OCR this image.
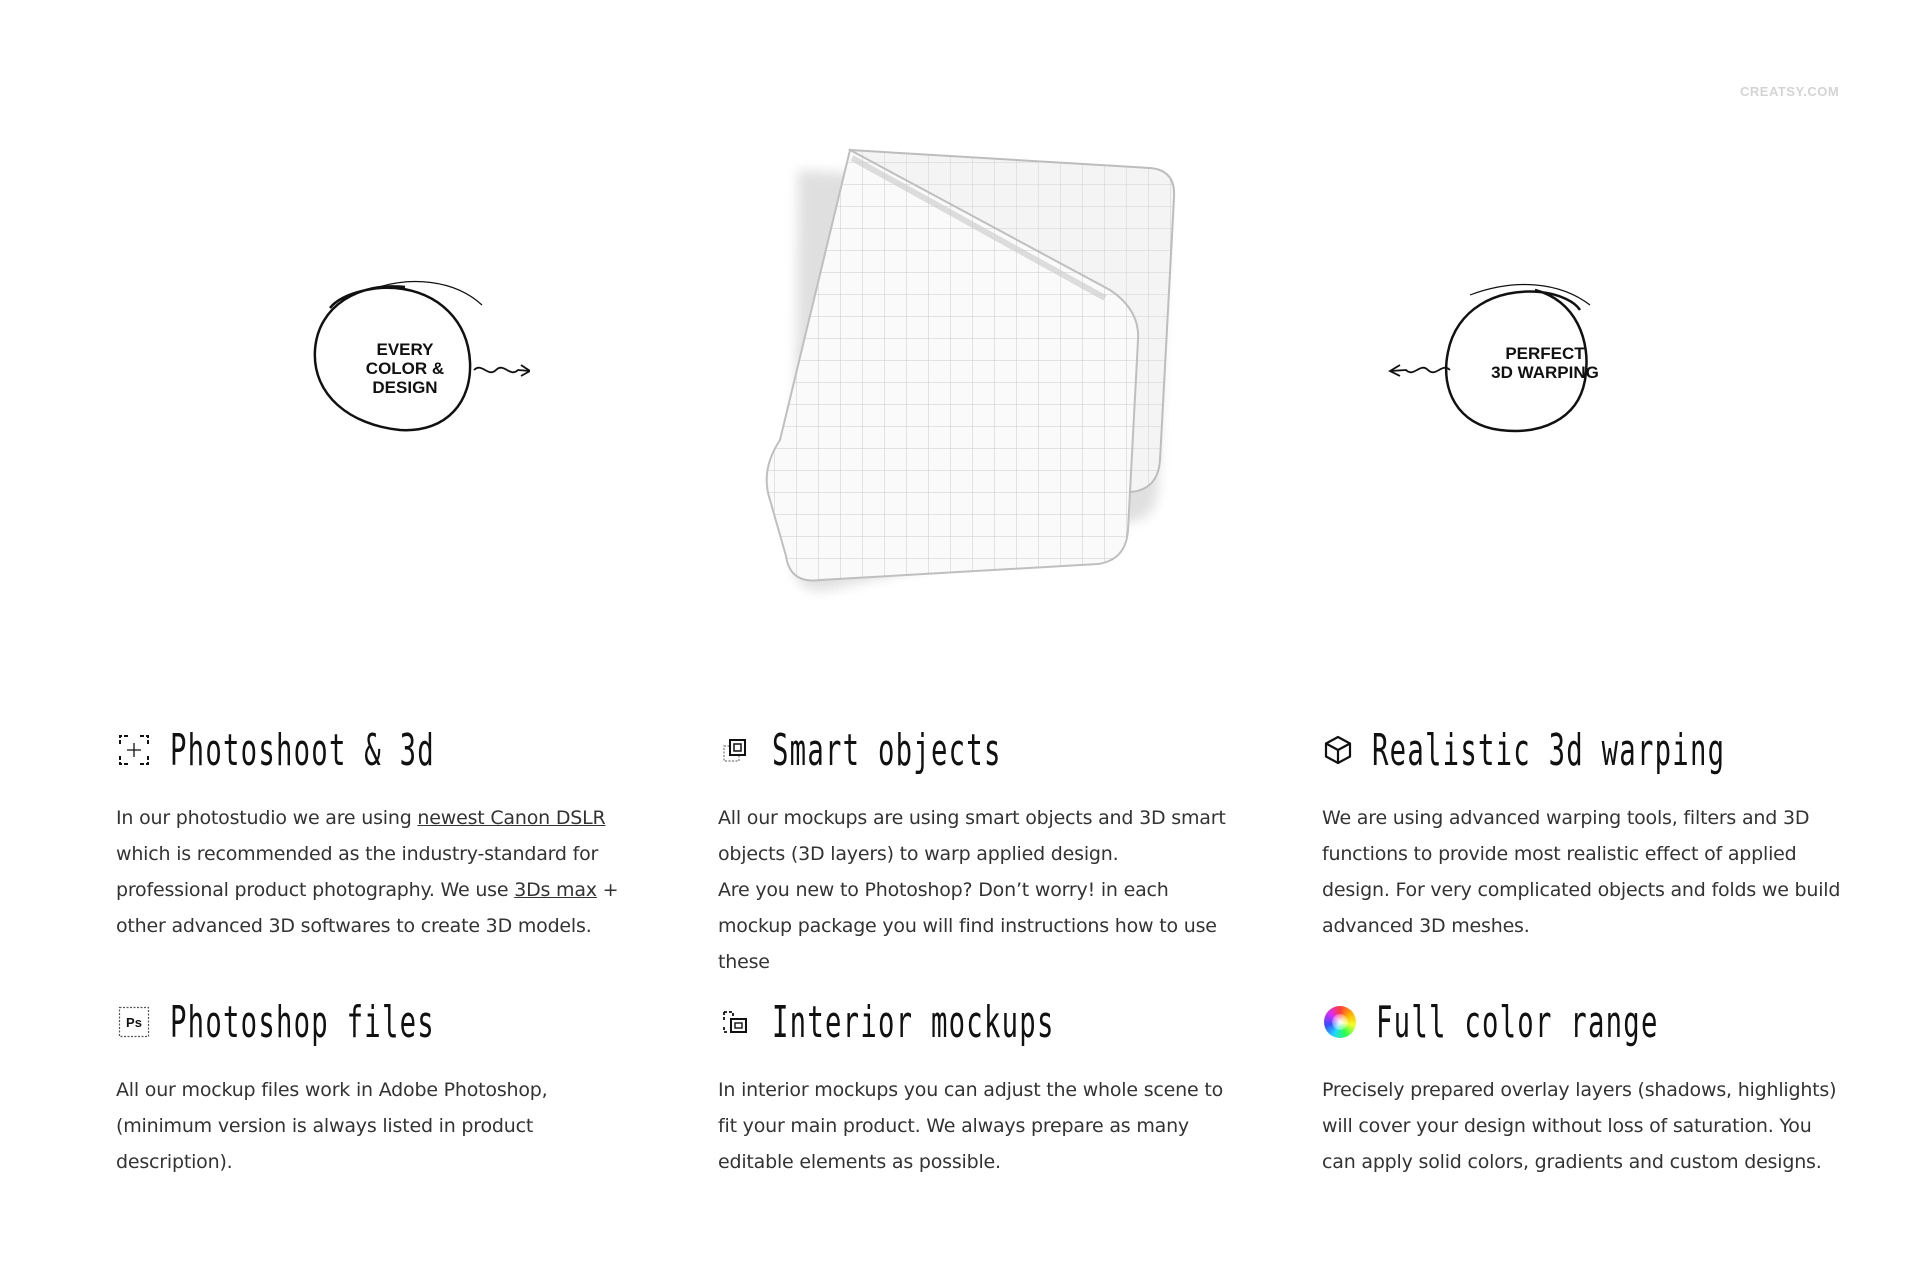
CREATSY.COM
EVERY
COLOR &
DESIGN
PERFECT
3D WARPING
Photoshoot & 3d
In our photostudio we are using newest Canon DSLR which is recommended as the industry-standard for professional product photography. We use 3Ds max + other advanced 3D softwares to create 3D models.
Smart objects
All our mockups are using smart objects and 3D smart objects (3D layers) to warp applied design.
Are you new to Photoshop? Don’t worry! in each mockup package you will find instructions how to use these
Realistic 3d warping
We are using advanced warping tools, filters and 3D functions to provide most realistic effect of applied design. For very complicated objects and folds we build advanced 3D meshes.
Ps Photoshop files
All our mockup files work in Adobe Photoshop, (minimum version is always listed in product description).
Interior mockups
In interior mockups you can adjust the whole scene to fit your main product. We always prepare as many editable elements as possible.
Full color range
Precisely prepared overlay layers (shadows, highlights) will cover your design without loss of saturation. You can apply solid colors, gradients and custom designs.
